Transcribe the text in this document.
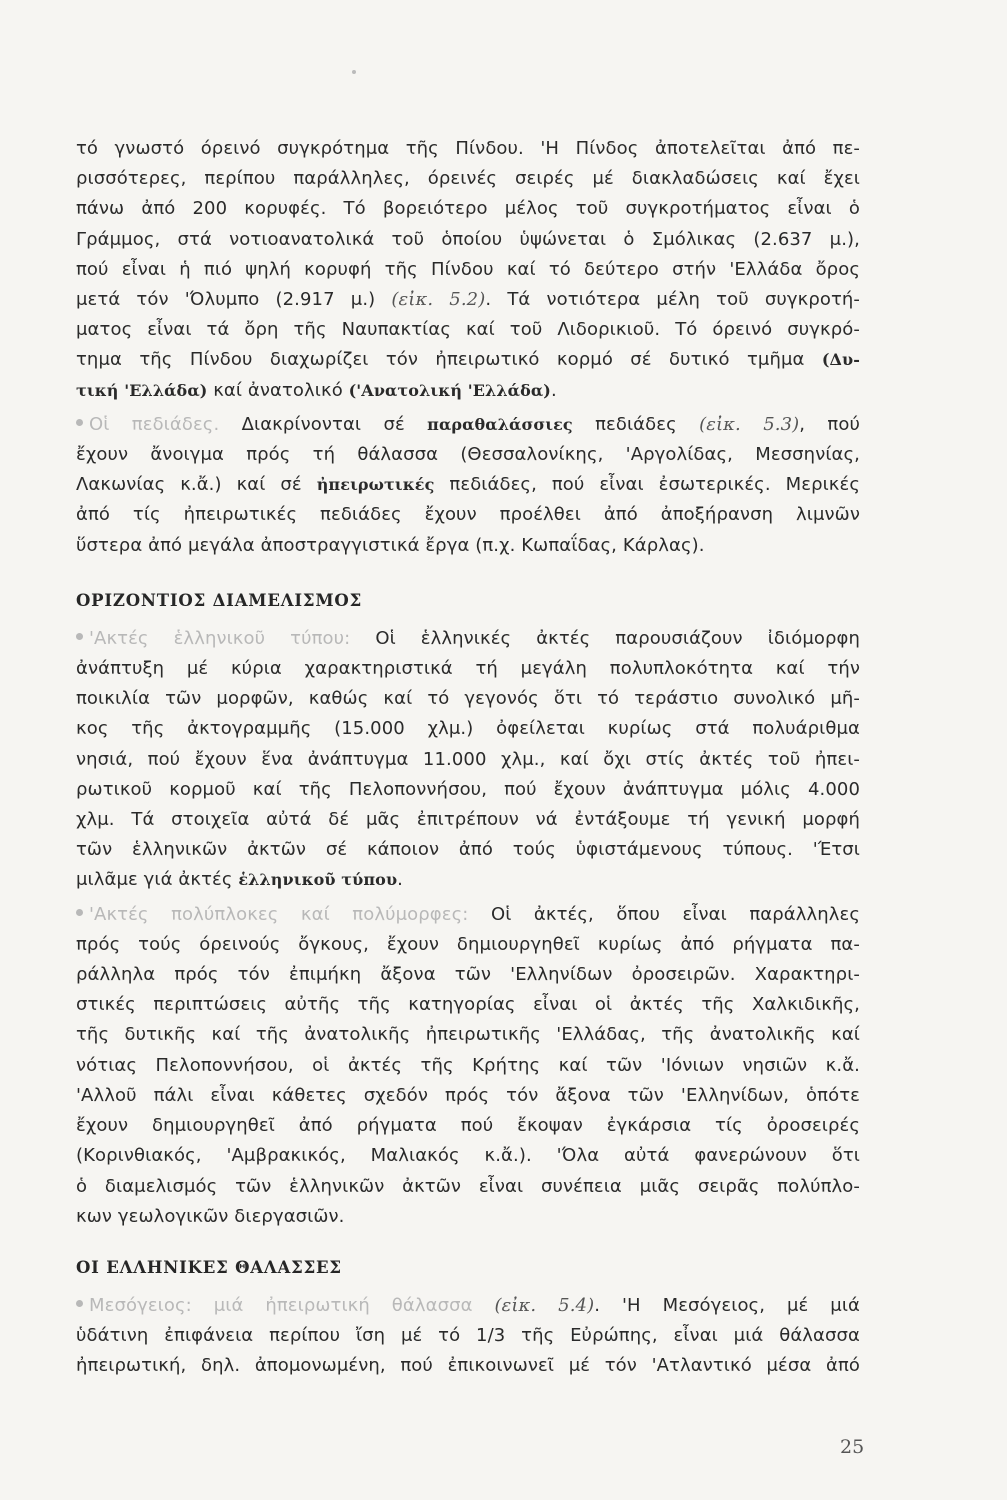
τό γνωστό όρεινό συγκρότημα τῆς Πίνδου. 'Η Πίνδος ἀποτελεῖται ἀπό πε-

ρισσότερες, περίπου παράλληλες, όρεινές σειρές μέ διακλαδώσεις καί ἔχει

πάνω ἀπό 200 κορυφές. Τό βορειότερο μέλος τοῦ συγκροτήματος εἶναι ὁ

Γράμμος, στά νοτιοανατολικά τοῦ ὁποίου ὑψώνεται ὁ Σμόλικας (2.637 μ.),

πού εἶναι ἡ πιό ψηλή κορυφή τῆς Πίνδου καί τό δεύτερο στήν 'Ελλάδα ὄρος

μετά τόν 'Όλυμπο (2.917 μ.) (εἰκ. 5.2). Τά νοτιότερα μέλη τοῦ συγκροτή-

ματος εἶναι τά ὄρη τῆς Ναυπακτίας καί τοῦ Λιδορικιοῦ. Τό όρεινό συγκρό-

τημα τῆς Πίνδου διαχωρίζει τόν ἠπειρωτικό κορμό σέ δυτικό τμῆμα (Δυ-

τική 'Ελλάδα) καί ἀνατολικό ('Ανατολική 'Ελλάδα).

Οἱ πεδιάδες. Διακρίνονται σέ παραθαλάσσιες πεδιάδες (εἰκ. 5.3), πού

ἔχουν ἄνοιγμα πρός τή θάλασσα (Θεσσαλονίκης, 'Αργολίδας, Μεσσηνίας,

Λακωνίας κ.ἄ.) καί σέ ἠπειρωτικές πεδιάδες, πού εἶναι ἐσωτερικές. Μερικές

ἀπό τίς ἠπειρωτικές πεδιάδες ἔχουν προέλθει ἀπό ἀποξήρανση λιμνῶν

ὕστερα ἀπό μεγάλα ἀποστραγγιστικά ἔργα (π.χ. Κωπαΐδας, Κάρλας).

ΟΡΙΖΟΝΤΙΟΣ ΔΙΑΜΕΛΙΣΜΟΣ

'Ακτές ἑλληνικοῦ τύπου: Οἱ ἑλληνικές ἀκτές παρουσιάζουν ἰδιόμορφη

ἀνάπτυξη μέ κύρια χαρακτηριστικά τή μεγάλη πολυπλοκότητα καί τήν

ποικιλία τῶν μορφῶν, καθώς καί τό γεγονός ὅτι τό τεράστιο συνολικό μῆ-

κος τῆς ἀκτογραμμῆς (15.000 χλμ.) ὀφείλεται κυρίως στά πολυάριθμα

νησιά, πού ἔχουν ἕνα ἀνάπτυγμα 11.000 χλμ., καί ὄχι στίς ἀκτές τοῦ ἠπει-

ρωτικοῦ κορμοῦ καί τῆς Πελοποννήσου, πού ἔχουν ἀνάπτυγμα μόλις 4.000

χλμ. Τά στοιχεῖα αὐτά δέ μᾶς ἐπιτρέπουν νά ἐντάξουμε τή γενική μορφή

τῶν ἑλληνικῶν ἀκτῶν σέ κάποιον ἀπό τούς ὑφιστάμενους τύπους. 'Έτσι

μιλᾶμε γιά ἀκτές ἑλληνικοῦ τύπου.

'Ακτές πολύπλοκες καί πολύμορφες: Οἱ ἀκτές, ὅπου εἶναι παράλληλες

πρός τούς όρεινούς ὄγκους, ἔχουν δημιουργηθεῖ κυρίως ἀπό ρήγματα πα-

ράλληλα πρός τόν ἐπιμήκη ἄξονα τῶν 'Ελληνίδων ὀροσειρῶν. Χαρακτηρι-

στικές περιπτώσεις αὐτῆς τῆς κατηγορίας εἶναι οἱ ἀκτές τῆς Χαλκιδικῆς,

τῆς δυτικῆς καί τῆς ἀνατολικῆς ἠπειρωτικῆς 'Ελλάδας, τῆς ἀνατολικῆς καί

νότιας Πελοποννήσου, οἱ ἀκτές τῆς Κρήτης καί τῶν 'Ιόνιων νησιῶν κ.ἄ.

'Αλλοῦ πάλι εἶναι κάθετες σχεδόν πρός τόν ἄξονα τῶν 'Ελληνίδων, ὁπότε

ἔχουν δημιουργηθεῖ ἀπό ρήγματα πού ἔκοψαν ἐγκάρσια τίς ὀροσειρές

(Κορινθιακός, 'Αμβρακικός, Μαλιακός κ.ἄ.). 'Όλα αὐτά φανερώνουν ὅτι

ὁ διαμελισμός τῶν ἑλληνικῶν ἀκτῶν εἶναι συνέπεια μιᾶς σειρᾶς πολύπλο-

κων γεωλογικῶν διεργασιῶν.

ΟΙ ΕΛΛΗΝΙΚΕΣ ΘΑΛΑΣΣΕΣ

Μεσόγειος: μιά ἠπειρωτική θάλασσα (εἰκ. 5.4). 'Η Μεσόγειος, μέ μιά

ὑδάτινη ἐπιφάνεια περίπου ἴση μέ τό 1/3 τῆς Εὐρώπης, εἶναι μιά θάλασσα

ἠπειρωτική, δηλ. ἀπομονωμένη, πού ἐπικοινωνεῖ μέ τόν 'Ατλαντικό μέσα ἀπό

25
